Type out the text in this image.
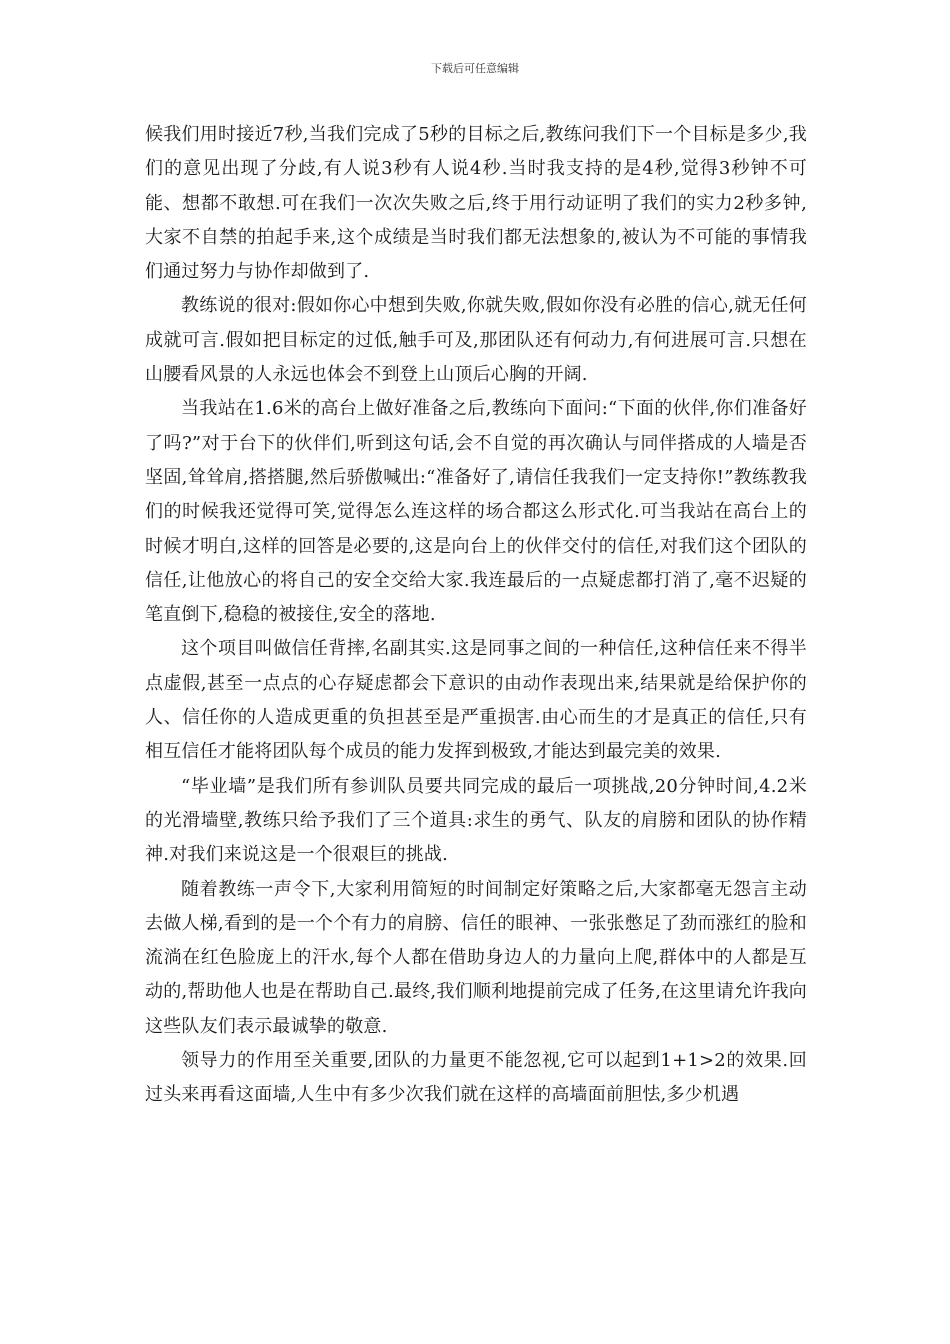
下载后可任意编辑

候我们用时接近7秒,当我们完成了5秒的目标之后,教练问我们下一个目标是多少,我们的意见出现了分歧,有人说3秒有人说4秒.当时我支持的是4秒,觉得3秒钟不可能、想都不敢想.可在我们一次次失败之后,终于用行动证明了我们的实力2秒多钟,大家不自禁的拍起手来,这个成绩是当时我们都无法想象的,被认为不可能的事情我们通过努力与协作却做到了.

教练说的很对:假如你心中想到失败,你就失败,假如你没有必胜的信心,就无任何成就可言.假如把目标定的过低,触手可及,那团队还有何动力,有何进展可言.只想在山腰看风景的人永远也体会不到登上山顶后心胸的开阔.

当我站在1.6米的高台上做好准备之后,教练向下面问:“下面的伙伴,你们准备好了吗?”对于台下的伙伴们,听到这句话,会不自觉的再次确认与同伴搭成的人墙是否坚固,耸耸肩,搭搭腿,然后骄傲喊出:“准备好了,请信任我我们一定支持你!”教练教我们的时候我还觉得可笑,觉得怎么连这样的场合都这么形式化.可当我站在高台上的时候才明白,这样的回答是必要的,这是向台上的伙伴交付的信任,对我们这个团队的信任,让他放心的将自己的安全交给大家.我连最后的一点疑虑都打消了,毫不迟疑的笔直倒下,稳稳的被接住,安全的落地.

这个项目叫做信任背摔,名副其实.这是同事之间的一种信任,这种信任来不得半点虚假,甚至一点点的心存疑虑都会下意识的由动作表现出来,结果就是给保护你的人、信任你的人造成更重的负担甚至是严重损害.由心而生的才是真正的信任,只有相互信任才能将团队每个成员的能力发挥到极致,才能达到最完美的效果.

“毕业墙”是我们所有参训队员要共同完成的最后一项挑战,20分钟时间,4.2米的光滑墙壁,教练只给予我们了三个道具:求生的勇气、队友的肩膀和团队的协作精神.对我们来说这是一个很艰巨的挑战.

随着教练一声令下,大家利用简短的时间制定好策略之后,大家都毫无怨言主动去做人梯,看到的是一个个有力的肩膀、信任的眼神、一张张憋足了劲而涨红的脸和流淌在红色脸庞上的汗水,每个人都在借助身边人的力量向上爬,群体中的人都是互动的,帮助他人也是在帮助自己.最终,我们顺利地提前完成了任务,在这里请允许我向这些队友们表示最诚挚的敬意.

领导力的作用至关重要,团队的力量更不能忽视,它可以起到1+1>2的效果.回过头来再看这面墙,人生中有多少次我们就在这样的高墙面前胆怯,多少机遇
